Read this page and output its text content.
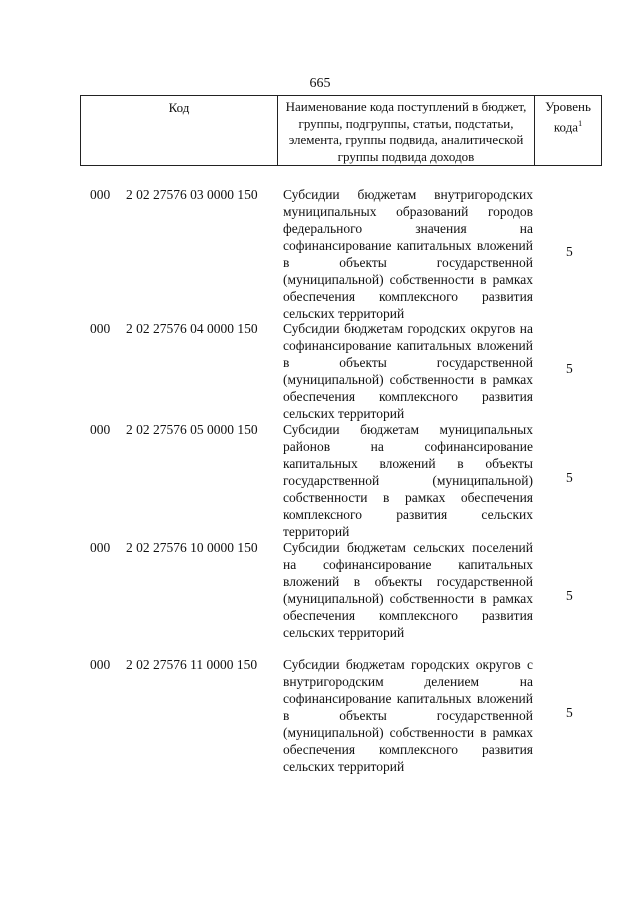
665
Код	Наименование кода поступлений в бюджет, группы, подгруппы, статьи, подстатьи, элемента, группы подвида, аналитической группы подвида доходов
Уровень кода$^1$
000 2 02 27576 03 0000 150 Субсидии бюджетам внутригородских муниципальных образований городов федерального значения на софинансирование капитальных вложений в объекты государственной (муниципальной) собственности в рамках обеспечения комплексного развития сельских территорий
5
000 2 02 27576 04 0000 150 Субсидии бюджетам городских округов на софинансирование капитальных вложений в объекты государственной (муниципальной) собственности в рамках обеспечения комплексного развития сельских территорий
5
000 2 02 27576 05 0000 150 Субсидии бюджетам муниципальных районов на софинансирование капитальных вложений в объекты государственной (муниципальной) собственности в рамках обеспечения комплексного развития сельских территорий
5
000 2 02 27576 10 0000 150 Субсидии бюджетам сельских поселений на софинансирование капитальных вложений в объекты государственной (муниципальной) собственности в рамках обеспечения комплексного развития сельских территорий
5
000 2 02 27576 11 0000 150 Субсидии бюджетам городских округов с внутригородским делением на софинансирование капитальных вложений в объекты государственной (муниципальной) собственности в рамках обеспечения комплексного развития сельских территорий
5
